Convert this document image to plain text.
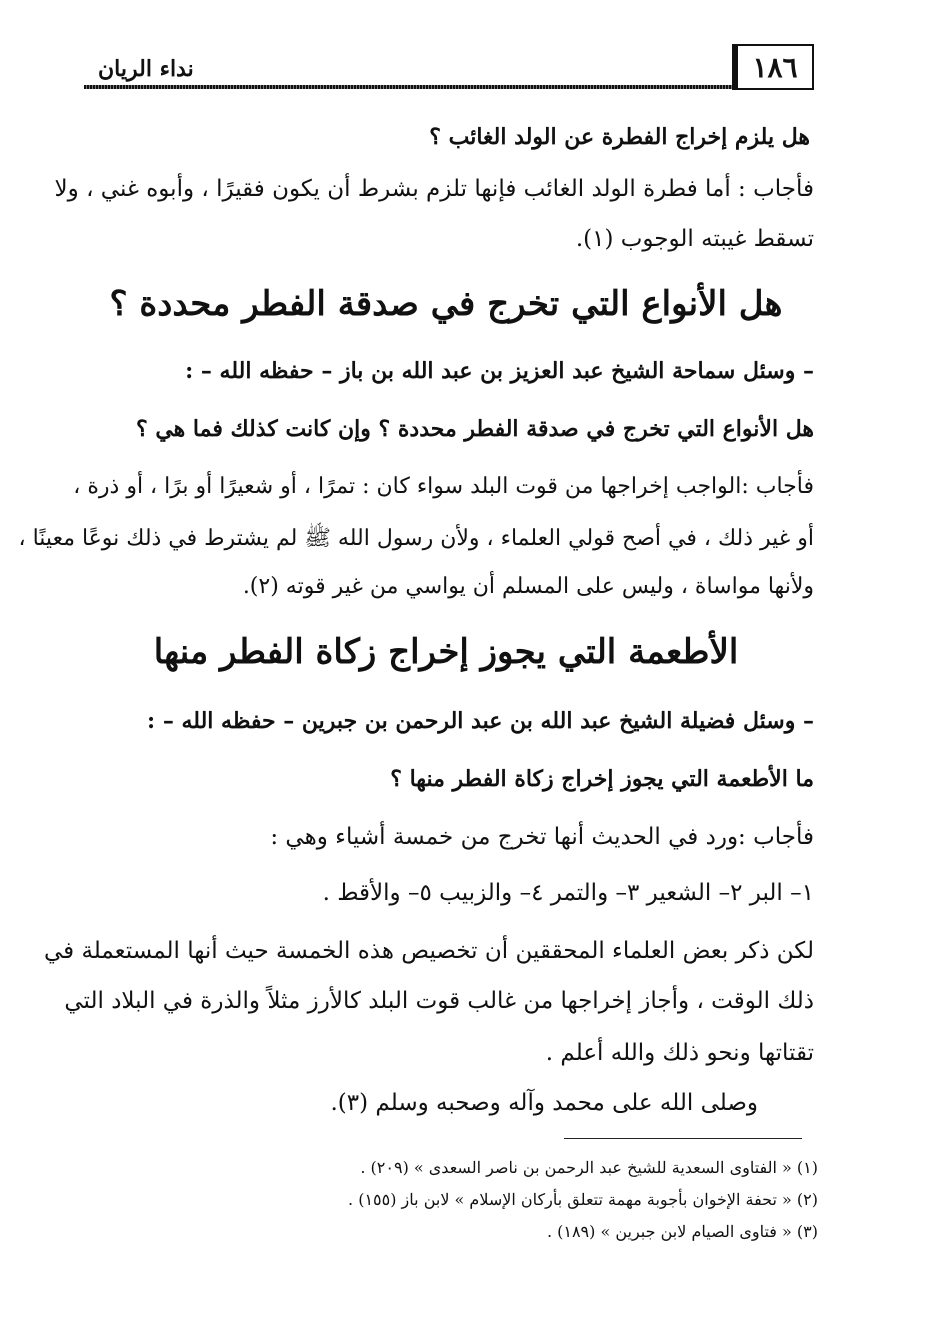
١٨٦
نداء الريان
هل يلزم إخراج الفطرة عن الولد الغائب ؟
فأجاب : أما فطرة الولد الغائب فإنها تلزم بشرط أن يكون فقيرًا ، وأبوه غني ، ولا
تسقط غيبته الوجوب (١).
هل الأنواع التي تخرج في صدقة الفطر محددة ؟
– وسئل سماحة الشيخ عبد العزيز بن عبد الله بن باز – حفظه الله – :
هل الأنواع التي تخرج في صدقة الفطر محددة ؟ وإن كانت كذلك فما هي ؟
فأجاب :الواجب إخراجها من قوت البلد سواء كان : تمرًا ، أو شعيرًا أو برًا ، أو ذرة ،
أو غير ذلك ، في أصح قولي العلماء ، ولأن رسول الله ﷺ لم يشترط في ذلك نوعًا معينًا ،
ولأنها مواساة ، وليس على المسلم أن يواسي من غير قوته (٢).
الأطعمة التي يجوز إخراج زكاة الفطر منها
– وسئل فضيلة الشيخ عبد الله بن عبد الرحمن بن جبرين – حفظه الله – :
ما الأطعمة التي يجوز إخراج زكاة الفطر منها ؟
فأجاب :ورد في الحديث أنها تخرج من خمسة أشياء وهي :
١– البر ٢– الشعير ٣– والتمر ٤– والزبيب ٥– والأقط .
لكن ذكر بعض العلماء المحققين أن تخصيص هذه الخمسة حيث أنها المستعملة في
ذلك الوقت ، وأجاز إخراجها من غالب قوت البلد كالأرز مثلاً والذرة في البلاد التي
تقتاتها ونحو ذلك والله أعلم .
وصلى الله على محمد وآله وصحبه وسلم (٣).
(١) « الفتاوى السعدية للشيخ عبد الرحمن بن ناصر السعدى » (٢٠٩) .
(٢) « تحفة الإخوان بأجوبة مهمة تتعلق بأركان الإسلام » لابن باز (١٥٥) .
(٣) « فتاوى الصيام لابن جبرين » (١٨٩) .
